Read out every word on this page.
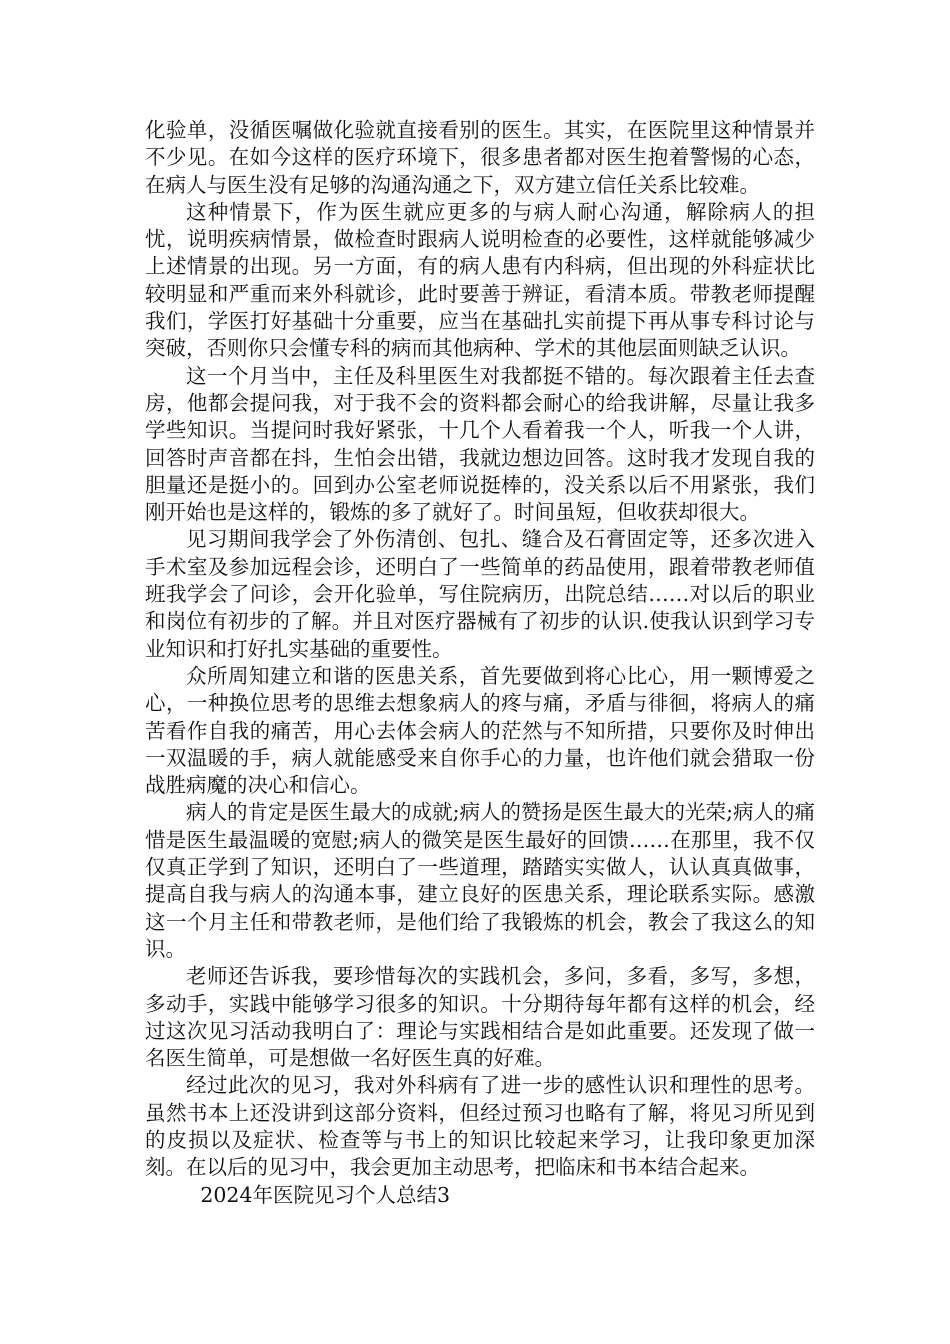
化验单，没循医嘱做化验就直接看别的医生。其实，在医院里这种情景并不少见。在如今这样的医疗环境下，很多患者都对医生抱着警惕的心态，在病人与医生没有足够的沟通沟通之下，双方建立信任关系比较难。

这种情景下，作为医生就应更多的与病人耐心沟通，解除病人的担忧，说明疾病情景，做检查时跟病人说明检查的必要性，这样就能够减少上述情景的出现。另一方面，有的病人患有内科病，但出现的外科症状比较明显和严重而来外科就诊，此时要善于辨证，看清本质。带教老师提醒我们，学医打好基础十分重要，应当在基础扎实前提下再从事专科讨论与突破，否则你只会懂专科的病而其他病种、学术的其他层面则缺乏认识。

这一个月当中，主任及科里医生对我都挺不错的。每次跟着主任去查房，他都会提问我，对于我不会的资料都会耐心的给我讲解，尽量让我多学些知识。当提问时我好紧张，十几个人看着我一个人，听我一个人讲，回答时声音都在抖，生怕会出错，我就边想边回答。这时我才发现自我的胆量还是挺小的。回到办公室老师说挺棒的，没关系以后不用紧张，我们刚开始也是这样的，锻炼的多了就好了。时间虽短，但收获却很大。

见习期间我学会了外伤清创、包扎、缝合及石膏固定等，还多次进入手术室及参加远程会诊，还明白了一些简单的药品使用，跟着带教老师值班我学会了问诊，会开化验单，写住院病历，出院总结……对以后的职业和岗位有初步的了解。并且对医疗器械有了初步的认识.使我认识到学习专业知识和打好扎实基础的重要性。

众所周知建立和谐的医患关系，首先要做到将心比心，用一颗博爱之心，一种换位思考的思维去想象病人的疼与痛，矛盾与徘徊，将病人的痛苦看作自我的痛苦，用心去体会病人的茫然与不知所措，只要你及时伸出一双温暖的手，病人就能感受来自你手心的力量，也许他们就会猎取一份战胜病魔的决心和信心。

病人的肯定是医生最大的成就;病人的赞扬是医生最大的光荣;病人的痛惜是医生最温暖的宽慰;病人的微笑是医生最好的回馈……在那里，我不仅仅真正学到了知识，还明白了一些道理，踏踏实实做人，认认真真做事，提高自我与病人的沟通本事，建立良好的医患关系，理论联系实际。感激这一个月主任和带教老师，是他们给了我锻炼的机会，教会了我这么的知识。

老师还告诉我，要珍惜每次的实践机会，多问，多看，多写，多想，多动手，实践中能够学习很多的知识。十分期待每年都有这样的机会，经过这次见习活动我明白了：理论与实践相结合是如此重要。还发现了做一名医生简单，可是想做一名好医生真的好难。

经过此次的见习，我对外科病有了进一步的感性认识和理性的思考。虽然书本上还没讲到这部分资料，但经过预习也略有了解，将见习所见到的皮损以及症状、检查等与书上的知识比较起来学习，让我印象更加深刻。在以后的见习中，我会更加主动思考，把临床和书本结合起来。

2024年医院见习个人总结3
